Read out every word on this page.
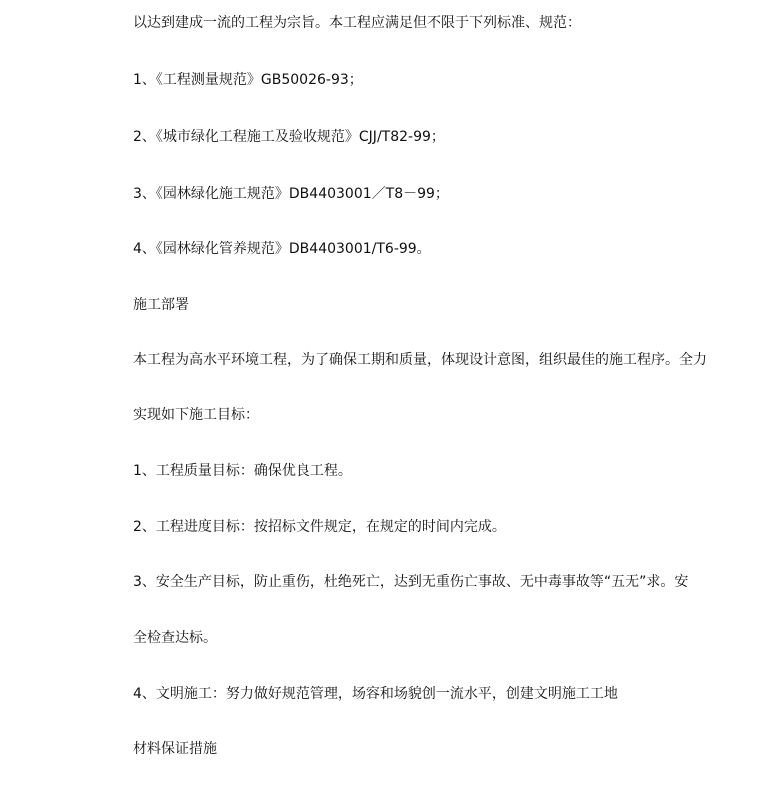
以达到建成一流的工程为宗旨。本工程应满足但不限于下列标准、规范：
1、《工程测量规范》GB50026-93；
2、《城市绿化工程施工及验收规范》CJJ/T82-99；
3、《园林绿化施工规范》DB4403001／T8－99；
4、《园林绿化管养规范》DB4403001/T6-99。
施工部署
本工程为高水平环境工程，为了确保工期和质量，体现设计意图，组织最佳的施工程序。全力
实现如下施工目标：
1、工程质量目标：确保优良工程。
2、工程进度目标：按招标文件规定，在规定的时间内完成。
3、安全生产目标，防止重伤，杜绝死亡，达到无重伤亡事故、无中毒事故等“五无”求。安
全检查达标。
4、文明施工：努力做好规范管理，场容和场貌创一流水平，创建文明施工工地
材料保证措施
